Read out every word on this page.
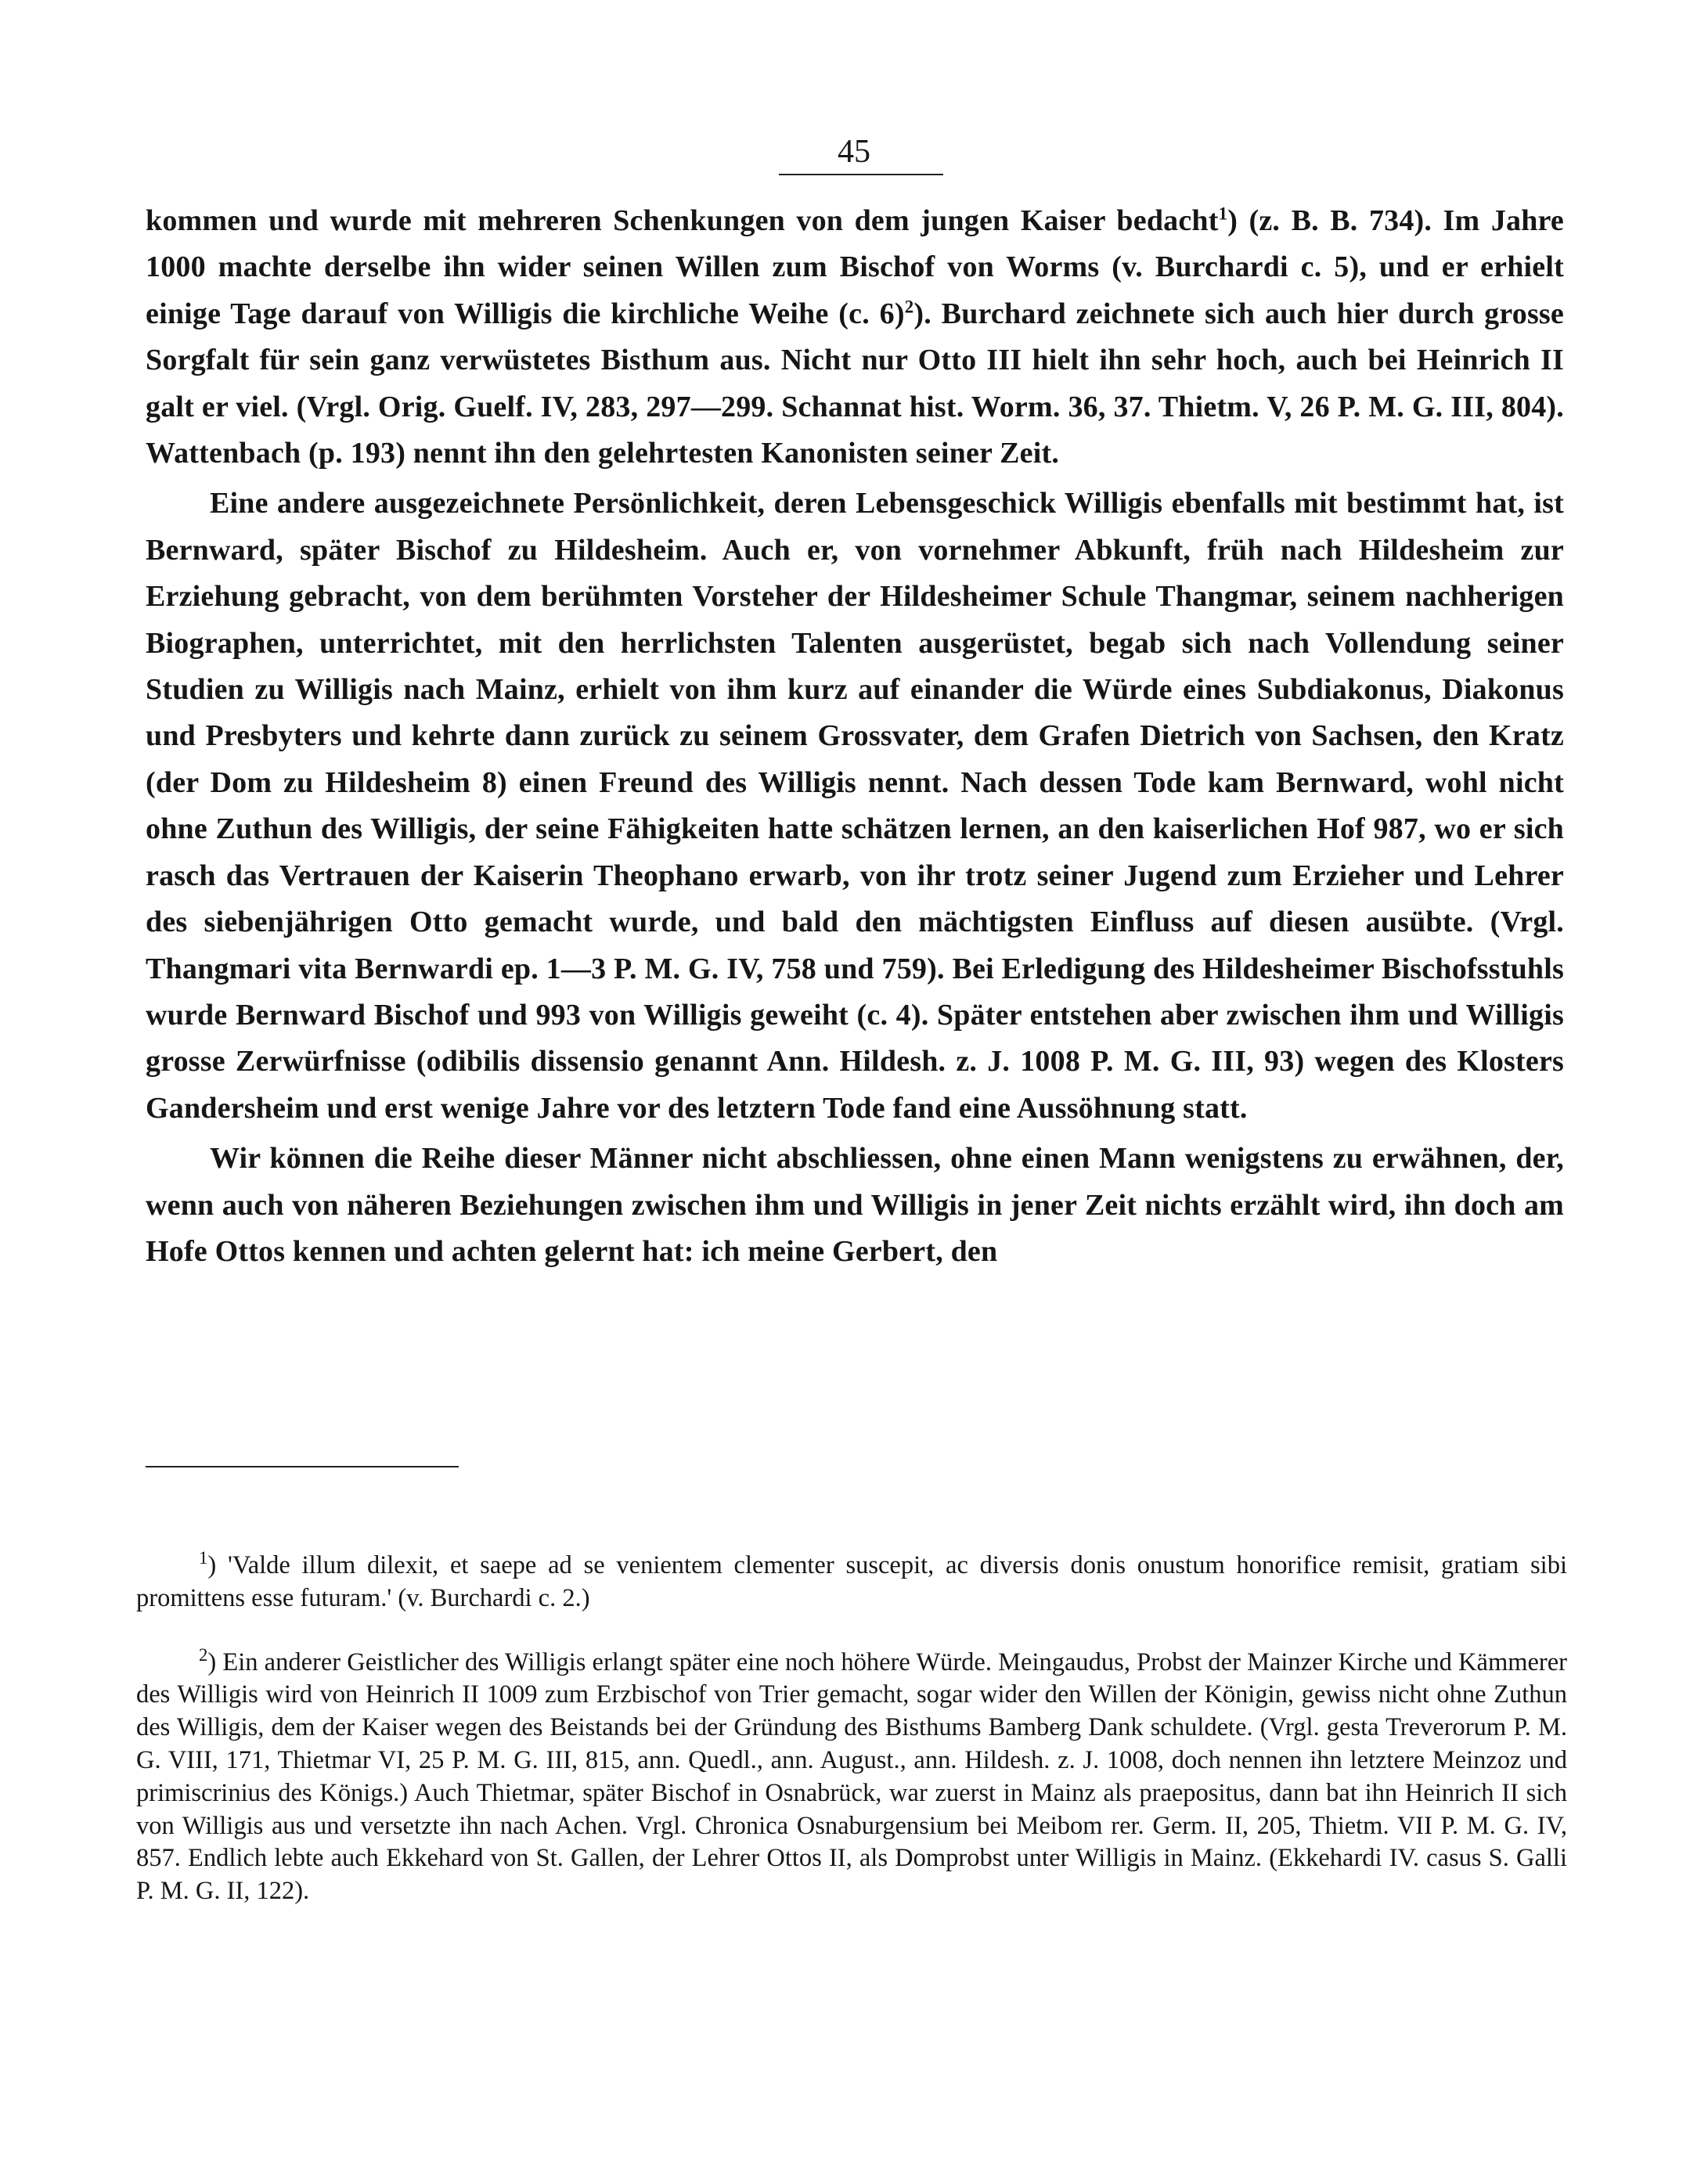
45

kommen und wurde mit mehreren Schenkungen von dem jungen Kaiser bedacht$^1$) (z. B. B. 734). Im Jahre 1000 machte derselbe ihn wider seinen Willen zum Bischof von Worms (v. Burchardi c. 5), und er erhielt einige Tage darauf von Willigis die kirchliche Weihe (c. 6)$^2$). Burchard zeichnete sich auch hier durch grosse Sorgfalt für sein ganz verwüstetes Bisthum aus. Nicht nur Otto III hielt ihn sehr hoch, auch bei Heinrich II galt er viel. (Vrgl. Orig. Guelf. IV, 283, 297—299. Schannat hist. Worm. 36, 37. Thietm. V, 26 P. M. G. III, 804). Wattenbach (p. 193) nennt ihn den gelehrtesten Kanonisten seiner Zeit.

Eine andere ausgezeichnete Persönlichkeit, deren Lebensgeschick Willigis ebenfalls mit bestimmt hat, ist Bernward, später Bischof zu Hildesheim. Auch er, von vornehmer Abkunft, früh nach Hildesheim zur Erziehung gebracht, von dem berühmten Vorsteher der Hildesheimer Schule Thangmar, seinem nachherigen Biographen, unterrichtet, mit den herrlichsten Talenten ausgerüstet, begab sich nach Vollendung seiner Studien zu Willigis nach Mainz, erhielt von ihm kurz auf einander die Würde eines Subdiakonus, Diakonus und Presbyters und kehrte dann zurück zu seinem Grossvater, dem Grafen Dietrich von Sachsen, den Kratz (der Dom zu Hildesheim 8) einen Freund des Willigis nennt. Nach dessen Tode kam Bernward, wohl nicht ohne Zuthun des Willigis, der seine Fähigkeiten hatte schätzen lernen, an den kaiserlichen Hof 987, wo er sich rasch das Vertrauen der Kaiserin Theophano erwarb, von ihr trotz seiner Jugend zum Erzieher und Lehrer des siebenjährigen Otto gemacht wurde, und bald den mächtigsten Einfluss auf diesen ausübte. (Vrgl. Thangmari vita Bernwardi ep. 1—3 P. M. G. IV, 758 und 759). Bei Erledigung des Hildesheimer Bischofsstuhls wurde Bernward Bischof und 993 von Willigis geweiht (c. 4). Später entstehen aber zwischen ihm und Willigis grosse Zerwürfnisse (odibilis dissensio genannt Ann. Hildesh. z. J. 1008 P. M. G. III, 93) wegen des Klosters Gandersheim und erst wenige Jahre vor des letztern Tode fand eine Aussöhnung statt.

Wir können die Reihe dieser Männer nicht abschliessen, ohne einen Mann wenigstens zu erwähnen, der, wenn auch von näheren Beziehungen zwischen ihm und Willigis in jener Zeit nichts erzählt wird, ihn doch am Hofe Ottos kennen und achten gelernt hat: ich meine Gerbert, den

$^1$) 'Valde illum dilexit, et saepe ad se venientem clementer suscepit, ac diversis donis onustum honorifice remisit, gratiam sibi promittens esse futuram.' (v. Burchardi c. 2.)

$^2$) Ein anderer Geistlicher des Willigis erlangt später eine noch höhere Würde. Meingaudus, Probst der Mainzer Kirche und Kämmerer des Willigis wird von Heinrich II 1009 zum Erzbischof von Trier gemacht, sogar wider den Willen der Königin, gewiss nicht ohne Zuthun des Willigis, dem der Kaiser wegen des Beistands bei der Gründung des Bisthums Bamberg Dank schuldete. (Vrgl. gesta Treverorum P. M. G. VIII, 171, Thietmar VI, 25 P. M. G. III, 815, ann. Quedl., ann. August., ann. Hildesh. z. J. 1008, doch nennen ihn letztere Meinzoz und primiscrinius des Königs.) Auch Thietmar, später Bischof in Osnabrück, war zuerst in Mainz als praepositus, dann bat ihn Heinrich II sich von Willigis aus und versetzte ihn nach Achen. Vrgl. Chronica Osnaburgensium bei Meibom rer. Germ. II, 205, Thietm. VII P. M. G. IV, 857. Endlich lebte auch Ekkehard von St. Gallen, der Lehrer Ottos II, als Domprobst unter Willigis in Mainz. (Ekkehardi IV. casus S. Galli P. M. G. II, 122).
